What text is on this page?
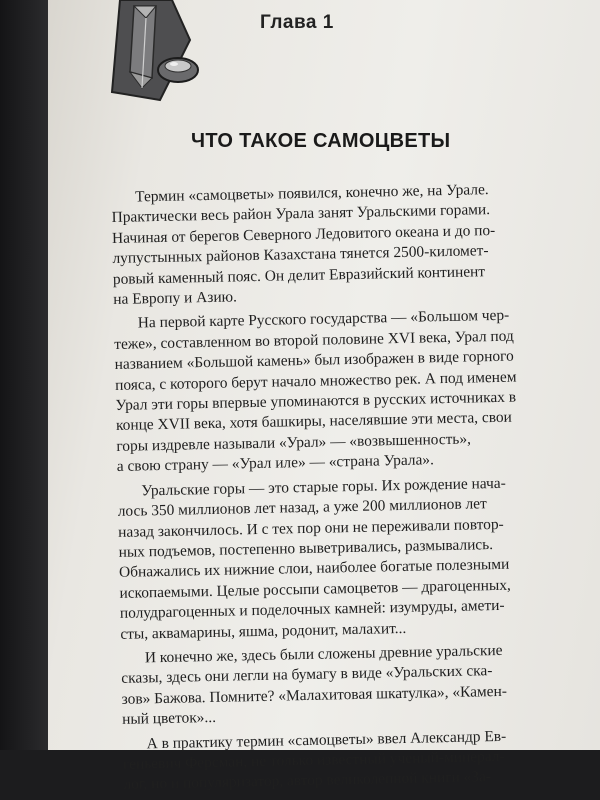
Глава 1
ЧТО ТАКОЕ САМОЦВЕТЫ

Термин «самоцветы» появился, конечно же, на Урале.
Практически весь район Урала занят Уральскими горами.
Начиная от берегов Северного Ледовитого океана и до по-
лупустынных районов Казахстана тянется 2500-километ-
ровый каменный пояс. Он делит Евразийский континент
на Европу и Азию.

На первой карте Русского государства — «Большом чер-
теже», составленном во второй половине XVI века, Урал под
названием «Большой камень» был изображен в виде горного
пояса, с которого берут начало множество рек. А под именем
Урал эти горы впервые упоминаются в русских источниках в
конце XVII века, хотя башкиры, населявшие эти места, свои
горы издревле называли «Урал» — «возвышенность»,
а свою страну — «Урал иле» — «страна Урала».

Уральские горы — это старые горы. Их рождение нача-
лось 350 миллионов лет назад, а уже 200 миллионов лет
назад закончилось. И с тех пор они не переживали повтор-
ных подъемов, постепенно выветривались, размывались.
Обнажались их нижние слои, наиболее богатые полезными
ископаемыми. Целые россыпи самоцветов — драгоценных,
полудрагоценных и поделочных камней: изумруды, амети-
сты, аквамарины, яшма, родонит, малахит...

И конечно же, здесь были сложены древние уральские
сказы, здесь они легли на бумагу в виде «Уральских ска-
зов» Бажова. Помните? «Малахитовая шкатулка», «Камен-
ный цветок»...

А в практику термин «самоцветы» ввел Александр Ев-
геньевич Ферсман, не только известный ученый-минерал-
лог, но и популяризатор, автор великолепной книги «За-
